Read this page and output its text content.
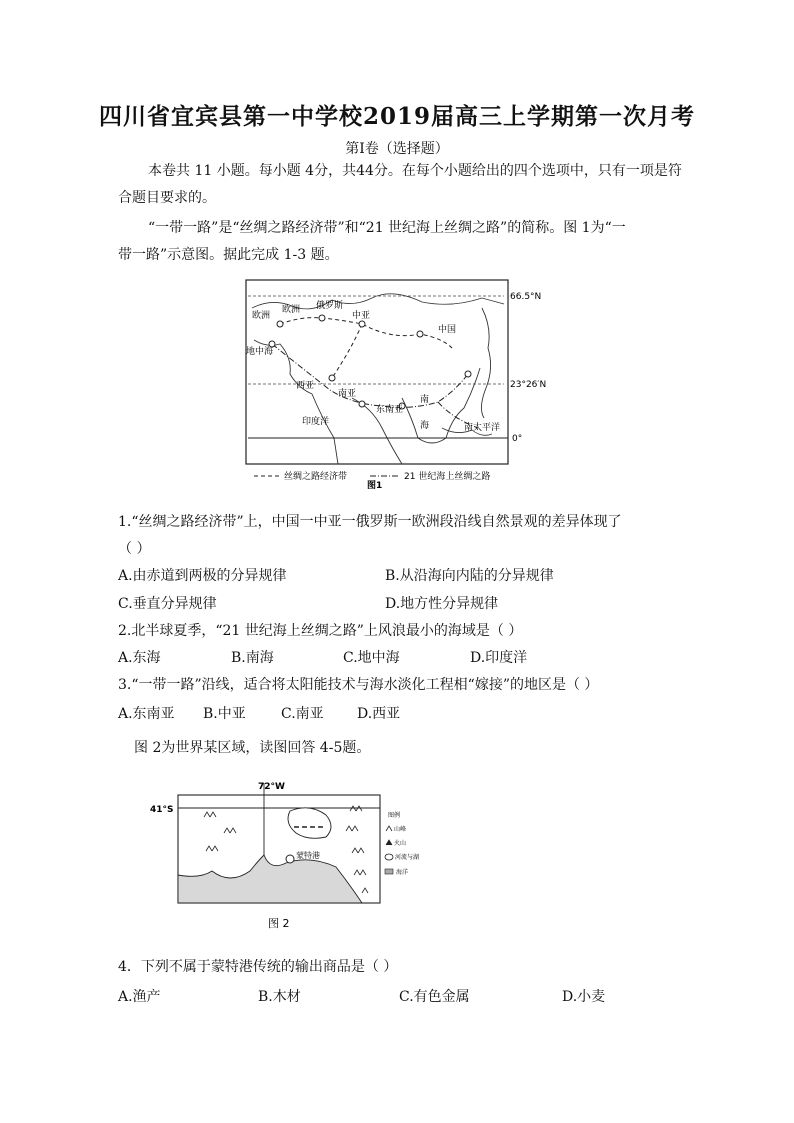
四川省宜宾县第一中学校2019届高三上学期第一次月考
第Ⅰ卷（选择题）
本卷共 11 小题。每小题 4分，共44分。在每个小题给出的四个选项中，只有一项是符
合题目要求的。
“一带一路”是“丝绸之路经济带”和“21 世纪海上丝绸之路”的简称。图 1为“一
带一路”示意图。据此完成 1-3 题。
66.5°N
23°26′N
0°
欧洲
欧洲 俄罗斯
中亚
中国
地中海
西亚
南亚
东南亚
印度洋
南
海	南太平洋
丝绸之路经济带	21 世纪海上丝绸之路
图1
1.“丝绸之路经济带”上，中国一中亚一俄罗斯一欧洲段沿线自然景观的差异体现了
（ ）
A.由赤道到两极的分异规律	B.从沿海向内陆的分异规律
C.垂直分异规律	D.地方性分异规律
2.北半球夏季，“21 世纪海上丝绸之路”上风浪最小的海域是（ ）
A.东海	B.南海	C.地中海	D.印度洋
3.“一带一路”沿线，适合将太阳能技术与海水淡化工程相“嫁接”的地区是（ ）
A.东南亚 B.中亚	C.南亚 D.西亚
图 2为世界某区域，读图回答 4-5题。
蒙特港
72°W
41°S
图例
山峰
火山
河流与湖
海洋
图 2
4．下列不属于蒙特港传统的输出商品是（ ）
A.渔产	B.木材	C.有色金属	D.小麦
